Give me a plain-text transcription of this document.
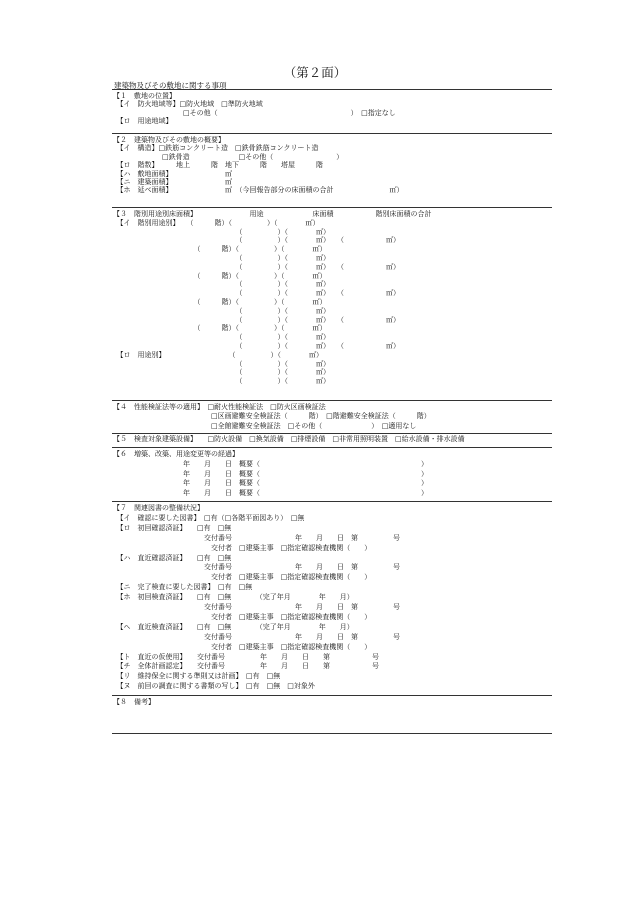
（第２面）
建築物及びその敷地に関する事項
【１　敷地の位置】
　【イ　防火地域等】□防火地域　□準防火地域
　　　　　　　　　　□その他（　　　　　　　　　　　　　　　　　　　）　□指定なし
　【ロ　用途地域】
【２　建築物及びその敷地の概要】
　【イ　構造】□鉄筋コンクリート造　□鉄骨鉄筋コンクリート造
　　　　　　　□鉄骨造　　　　　　　□その他（　　　　　　　　　）
　【ロ　階数】　　　地上　　　階　地下　　　階　　塔屋　　　階
　【ハ　敷地面積】　　　　　　　　㎡
　【ニ　建築面積】　　　　　　　　㎡
　【ホ　延べ面積】　　　　　　　　㎡　（今回報告部分の床面積の合計　　　　　　　　㎡）
【３　階別用途別床面積】　　　　　　　　用途　　　　　　　床面積　　　　　　階別床面積の合計
　【イ　階別用途別】　　（　　　階）（　　　　　）（　　　　㎡）
　　　　　　　　　　　　　　　　　　（　　　　　）（　　　　㎡）
　　　　　　　　　　　　　　　　　　（　　　　　）（　　　　㎡）　　（　　　　　　㎡）
　　　　　　　　　　　　（　　　階）（　　　　　）（　　　　㎡）
　　　　　　　　　　　　　　　　　　（　　　　　）（　　　　㎡）
　　　　　　　　　　　　　　　　　　（　　　　　）（　　　　㎡）　　（　　　　　　㎡）
　　　　　　　　　　　　（　　　階）（　　　　　）（　　　　㎡）
　　　　　　　　　　　　　　　　　　（　　　　　）（　　　　㎡）
　　　　　　　　　　　　　　　　　　（　　　　　）（　　　　㎡）　　（　　　　　　㎡）
　　　　　　　　　　　　（　　　階）（　　　　　）（　　　　㎡）
　　　　　　　　　　　　　　　　　　（　　　　　）（　　　　㎡）
　　　　　　　　　　　　　　　　　　（　　　　　）（　　　　㎡）　　（　　　　　　㎡）
　　　　　　　　　　　　（　　　階）（　　　　　）（　　　　㎡）
　　　　　　　　　　　　　　　　　　（　　　　　）（　　　　㎡）
　　　　　　　　　　　　　　　　　　（　　　　　）（　　　　㎡）　　（　　　　　　㎡）
　【ロ　用途別】　　　　　　　　　　（　　　　　）（　　　　㎡）
　　　　　　　　　　　　　　　　　　（　　　　　）（　　　　㎡）
　　　　　　　　　　　　　　　　　　（　　　　　）（　　　　㎡）
　　　　　　　　　　　　　　　　　　（　　　　　）（　　　　㎡）
【４　性能検証法等の適用】　□耐火性能検証法　□防火区画検証法
　　　　　　　　　　　　　　□区画避難安全検証法（　　　階）　□階避難安全検証法（　　　階）
　　　　　　　　　　　　　　□全館避難安全検証法　□その他（　　　　　　　）　□適用なし
【５　検査対象建築設備】　　□防火設備　□換気設備　□排煙設備　□非常用照明装置　□給水設備・排水設備
【６　増築、改築、用途変更等の経過】
　　　　　　　　　　年　　月　　日　概要（　　　　　　　　　　　　　　　　　　　　　　　）
　　　　　　　　　　年　　月　　日　概要（　　　　　　　　　　　　　　　　　　　　　　　）
　　　　　　　　　　年　　月　　日　概要（　　　　　　　　　　　　　　　　　　　　　　　）
　　　　　　　　　　年　　月　　日　概要（　　　　　　　　　　　　　　　　　　　　　　　）
【７　関連図書の整備状況】
　【イ　確認に要した図書】　□有（□各階平面図あり）　□無
　【ロ　初回確認済証】　　□有　□無
　　　　　　　　　　　　　交付番号　　　　　　　　　年　　月　　日　第　　　　　号
　　　　　　　　　　　　　　交付者　□建築主事　□指定確認検査機関（　　）
　【ハ　直近確認済証】　　□有　□無
　　　　　　　　　　　　　交付番号　　　　　　　　　年　　月　　日　第　　　　　号
　　　　　　　　　　　　　　交付者　□建築主事　□指定確認検査機関（　　）
　【ニ　完了検査に要した図書】　□有　□無
　【ホ　初回検査済証】　　□有　□無　　　　（完了年月　　　　年　　月）
　　　　　　　　　　　　　交付番号　　　　　　　　　年　　月　　日　第　　　　　号
　　　　　　　　　　　　　　交付者　□建築主事　□指定確認検査機関（　　）
　【ヘ　直近検査済証】　　□有　□無　　　　（完了年月　　　　年　　月）
　　　　　　　　　　　　　交付番号　　　　　　　　　年　　月　　日　第　　　　　号
　　　　　　　　　　　　　　交付者　□建築主事　□指定確認検査機関（　　）
　【ト　直近の仮使用】　　交付番号　　　　　年　　月　　日　　第　　　　　　号
　【チ　全体計画認定】　　交付番号　　　　　年　　月　　日　　第　　　　　　号
　【リ　維持保全に関する準則又は計画】　□有　□無
　【ヌ　前回の調査に関する書類の写し】　□有　□無　□対象外
【８　備考】
